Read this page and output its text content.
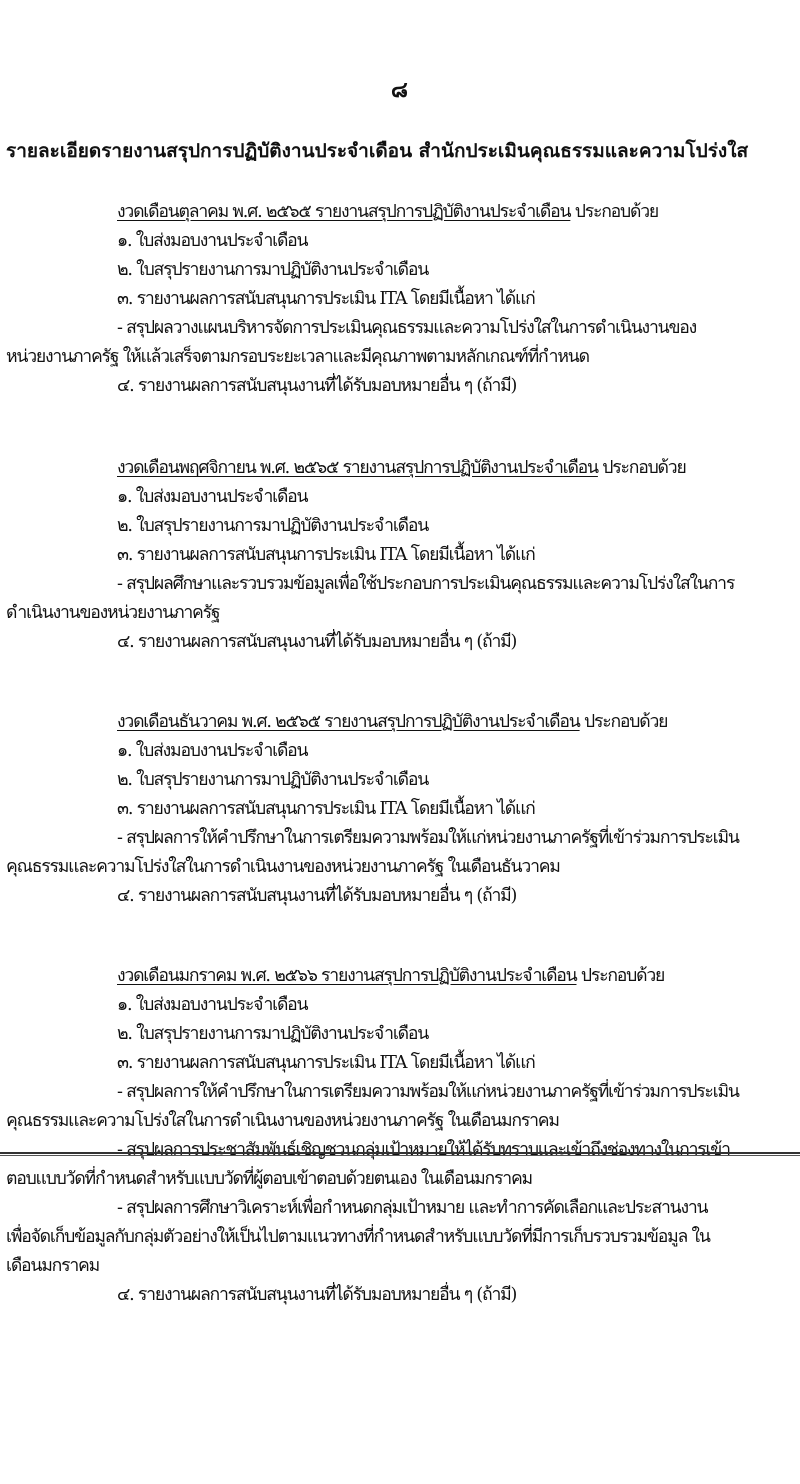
๘
รายละเอียดรายงานสรุปการปฏิบัติงานประจำเดือน สำนักประเมินคุณธรรมและความโปร่งใส
งวดเดือนตุลาคม พ.ศ. ๒๕๖๕ รายงานสรุปการปฏิบัติงานประจำเดือน ประกอบด้วย
๑. ใบส่งมอบงานประจำเดือน
๒. ใบสรุปรายงานการมาปฏิบัติงานประจำเดือน
๓. รายงานผลการสนับสนุนการประเมิน ITA โดยมีเนื้อหา ได้แก่
- สรุปผลวางแผนบริหารจัดการประเมินคุณธรรมและความโปร่งใสในการดำเนินงานของ
หน่วยงานภาครัฐ ให้แล้วเสร็จตามกรอบระยะเวลาและมีคุณภาพตามหลักเกณฑ์ที่กำหนด
๔. รายงานผลการสนับสนุนงานที่ได้รับมอบหมายอื่น ๆ (ถ้ามี)
งวดเดือนพฤศจิกายน พ.ศ. ๒๕๖๕ รายงานสรุปการปฏิบัติงานประจำเดือน ประกอบด้วย
๑. ใบส่งมอบงานประจำเดือน
๒. ใบสรุปรายงานการมาปฏิบัติงานประจำเดือน
๓. รายงานผลการสนับสนุนการประเมิน ITA โดยมีเนื้อหา ได้แก่
- สรุปผลศึกษาและรวบรวมข้อมูลเพื่อใช้ประกอบการประเมินคุณธรรมและความโปร่งใสในการ
ดำเนินงานของหน่วยงานภาครัฐ
๔. รายงานผลการสนับสนุนงานที่ได้รับมอบหมายอื่น ๆ (ถ้ามี)
งวดเดือนธันวาคม พ.ศ. ๒๕๖๕ รายงานสรุปการปฏิบัติงานประจำเดือน ประกอบด้วย
๑. ใบส่งมอบงานประจำเดือน
๒. ใบสรุปรายงานการมาปฏิบัติงานประจำเดือน
๓. รายงานผลการสนับสนุนการประเมิน ITA โดยมีเนื้อหา ได้แก่
- สรุปผลการให้คำปรึกษาในการเตรียมความพร้อมให้แก่หน่วยงานภาครัฐที่เข้าร่วมการประเมิน
คุณธรรมและความโปร่งใสในการดำเนินงานของหน่วยงานภาครัฐ ในเดือนธันวาคม
๔. รายงานผลการสนับสนุนงานที่ได้รับมอบหมายอื่น ๆ (ถ้ามี)
งวดเดือนมกราคม พ.ศ. ๒๕๖๖ รายงานสรุปการปฏิบัติงานประจำเดือน ประกอบด้วย
๑. ใบส่งมอบงานประจำเดือน
๒. ใบสรุปรายงานการมาปฏิบัติงานประจำเดือน
๓. รายงานผลการสนับสนุนการประเมิน ITA โดยมีเนื้อหา ได้แก่
- สรุปผลการให้คำปรึกษาในการเตรียมความพร้อมให้แก่หน่วยงานภาครัฐที่เข้าร่วมการประเมิน
คุณธรรมและความโปร่งใสในการดำเนินงานของหน่วยงานภาครัฐ ในเดือนมกราคม
- สรุปผลการประชาสัมพันธ์เชิญชวนกลุ่มเป้าหมายให้ได้รับทราบและเข้าถึงช่องทางในการเข้า
ตอบแบบวัดที่กำหนดสำหรับแบบวัดที่ผู้ตอบเข้าตอบด้วยตนเอง ในเดือนมกราคม
- สรุปผลการศึกษาวิเคราะห์เพื่อกำหนดกลุ่มเป้าหมาย และทำการคัดเลือกและประสานงาน
เพื่อจัดเก็บข้อมูลกับกลุ่มตัวอย่างให้เป็นไปตามแนวทางที่กำหนดสำหรับแบบวัดที่มีการเก็บรวบรวมข้อมูล ใน
เดือนมกราคม
๔. รายงานผลการสนับสนุนงานที่ได้รับมอบหมายอื่น ๆ (ถ้ามี)
